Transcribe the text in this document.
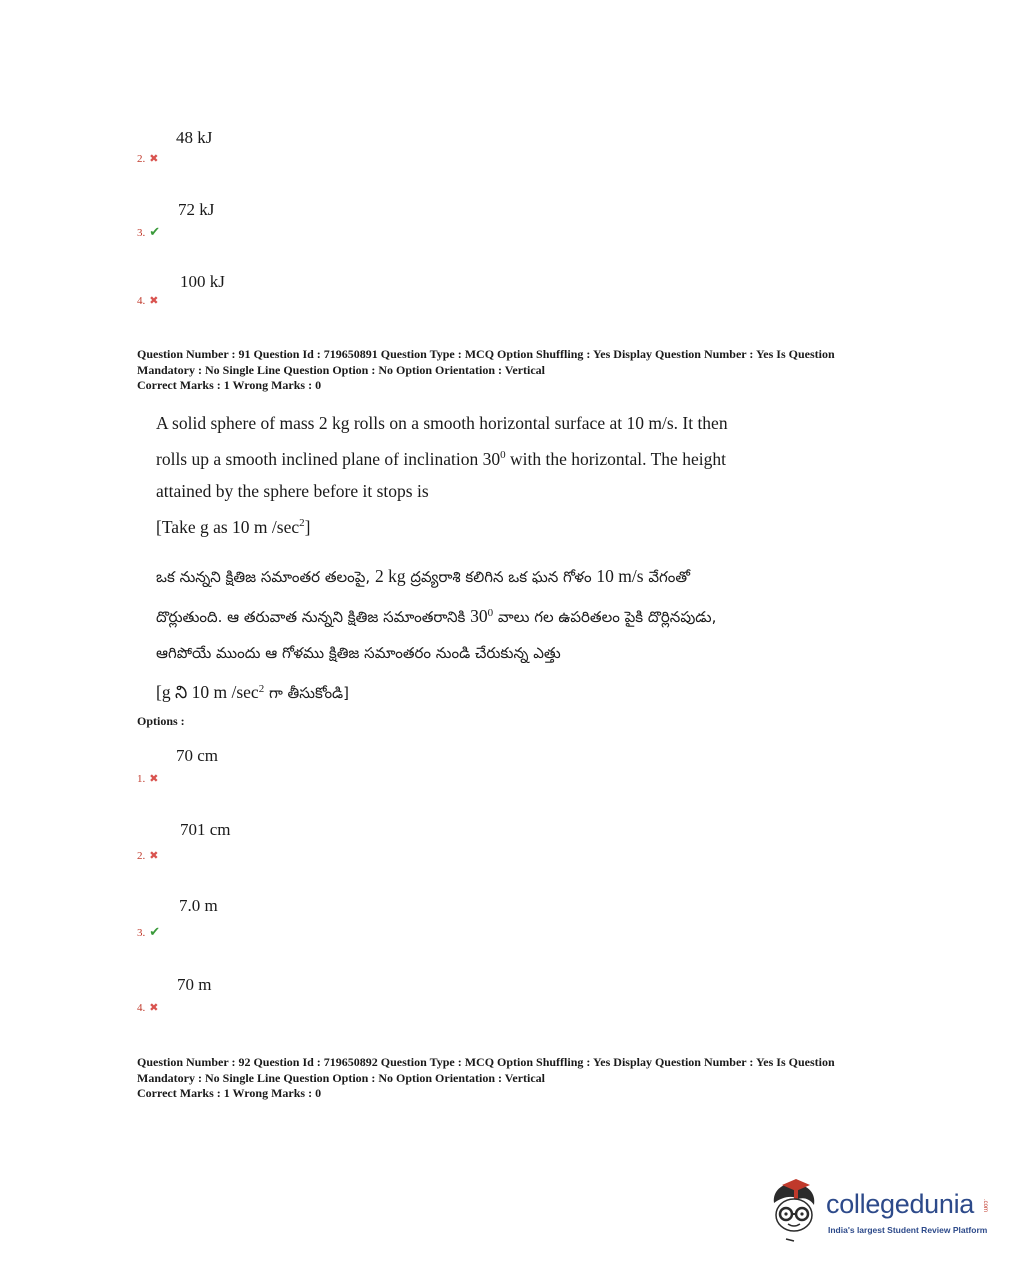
48 kJ
2. ✖
72 kJ
3. ✔
100 kJ
4. ✖
Question Number : 91 Question Id : 719650891 Question Type : MCQ Option Shuffling : Yes Display Question Number : Yes Is Question
Mandatory : No Single Line Question Option : No Option Orientation : Vertical
Correct Marks : 1 Wrong Marks : 0
A solid sphere of mass 2 kg rolls on a smooth horizontal surface at 10 m/s. It then
rolls up a smooth inclined plane of inclination $30^0$ with the horizontal. The height
attained by the sphere before it stops is
[Take g as 10 m $/\sec^2$]
ఒక నున్నని క్షితిజ సమాంతర తలంపై, 2 kg ద్రవ్యరాశి కలిగిన ఒక ఘన గోళం 10 m/s వేగంతో
దొర్లుతుంది. ఆ తరువాత నున్నని క్షితిజ సమాంతరానికి $30^0$ వాలు గల ఉపరితలం పైకి దొర్లినపుడు,
ఆగిపోయే ముందు ఆ గోళము క్షితిజ సమాంతరం నుండి చేరుకున్న ఎత్తు
[g ని 10 m $/\sec^2$ గా తీసుకోండి]
Options :
70 cm
1. ✖
701 cm
2. ✖
7.0 m
3. ✔
70 m
4. ✖
Question Number : 92 Question Id : 719650892 Question Type : MCQ Option Shuffling : Yes Display Question Number : Yes Is Question
Mandatory : No Single Line Question Option : No Option Orientation : Vertical
Correct Marks : 1 Wrong Marks : 0
collegedunia .com
India's largest Student Review Platform
